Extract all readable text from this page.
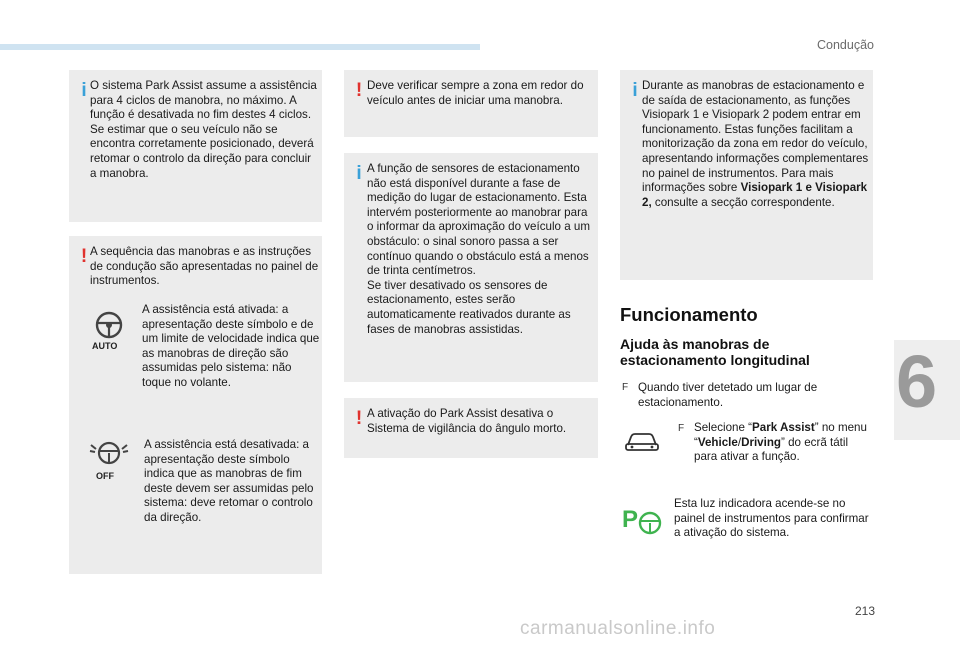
Condução
6
i O sistema Park Assist assume a assistência para 4 ciclos de manobra, no máximo. A função é desativada no fim destes 4 ciclos. Se estimar que o seu veículo não se encontra corretamente posicionado, deverá retomar o controlo da direção para concluir a manobra.

! A sequência das manobras e as instruções de condução são apresentadas no painel de instrumentos.

AUTO

A assistência está ativada: a apresentação deste símbolo e de um limite de velocidade indica que as manobras de direção são assumidas pelo sistema: não toque no volante.

OFF

A assistência está desativada: a apresentação deste símbolo indica que as manobras de fim deste devem ser assumidas pelo sistema: deve retomar o controlo da direção.

! Deve verificar sempre a zona em redor do veículo antes de iniciar uma manobra.

i A função de sensores de estacionamento não está disponível durante a fase de medição do lugar de estacionamento. Esta intervém posteriormente ao manobrar para o informar da aproximação do veículo a um obstáculo: o sinal sonoro passa a ser contínuo quando o obstáculo está a menos de trinta centímetros.
Se tiver desativado os sensores de estacionamento, estes serão automaticamente reativados durante as fases de manobras assistidas.

! A ativação do Park Assist desativa o Sistema de vigilância do ângulo morto.

i Durante as manobras de estacionamento e de saída de estacionamento, as funções Visiopark 1 e Visiopark 2 podem entrar em funcionamento. Estas funções facilitam a monitorização da zona em redor do veículo, apresentando informações complementares no painel de instrumentos. Para mais informações sobre Visiopark 1 e Visiopark 2, consulte a secção correspondente.

Funcionamento
Ajuda às manobras de estacionamento longitudinal
F Quando tiver detetado um lugar de estacionamento.

F Selecione “Park Assist” no menu “Vehicle/Driving” do ecrã tátil para ativar a função.

P

Esta luz indicadora acende-se no painel de instrumentos para confirmar a ativação do sistema.

213
carmanualsonline.info
